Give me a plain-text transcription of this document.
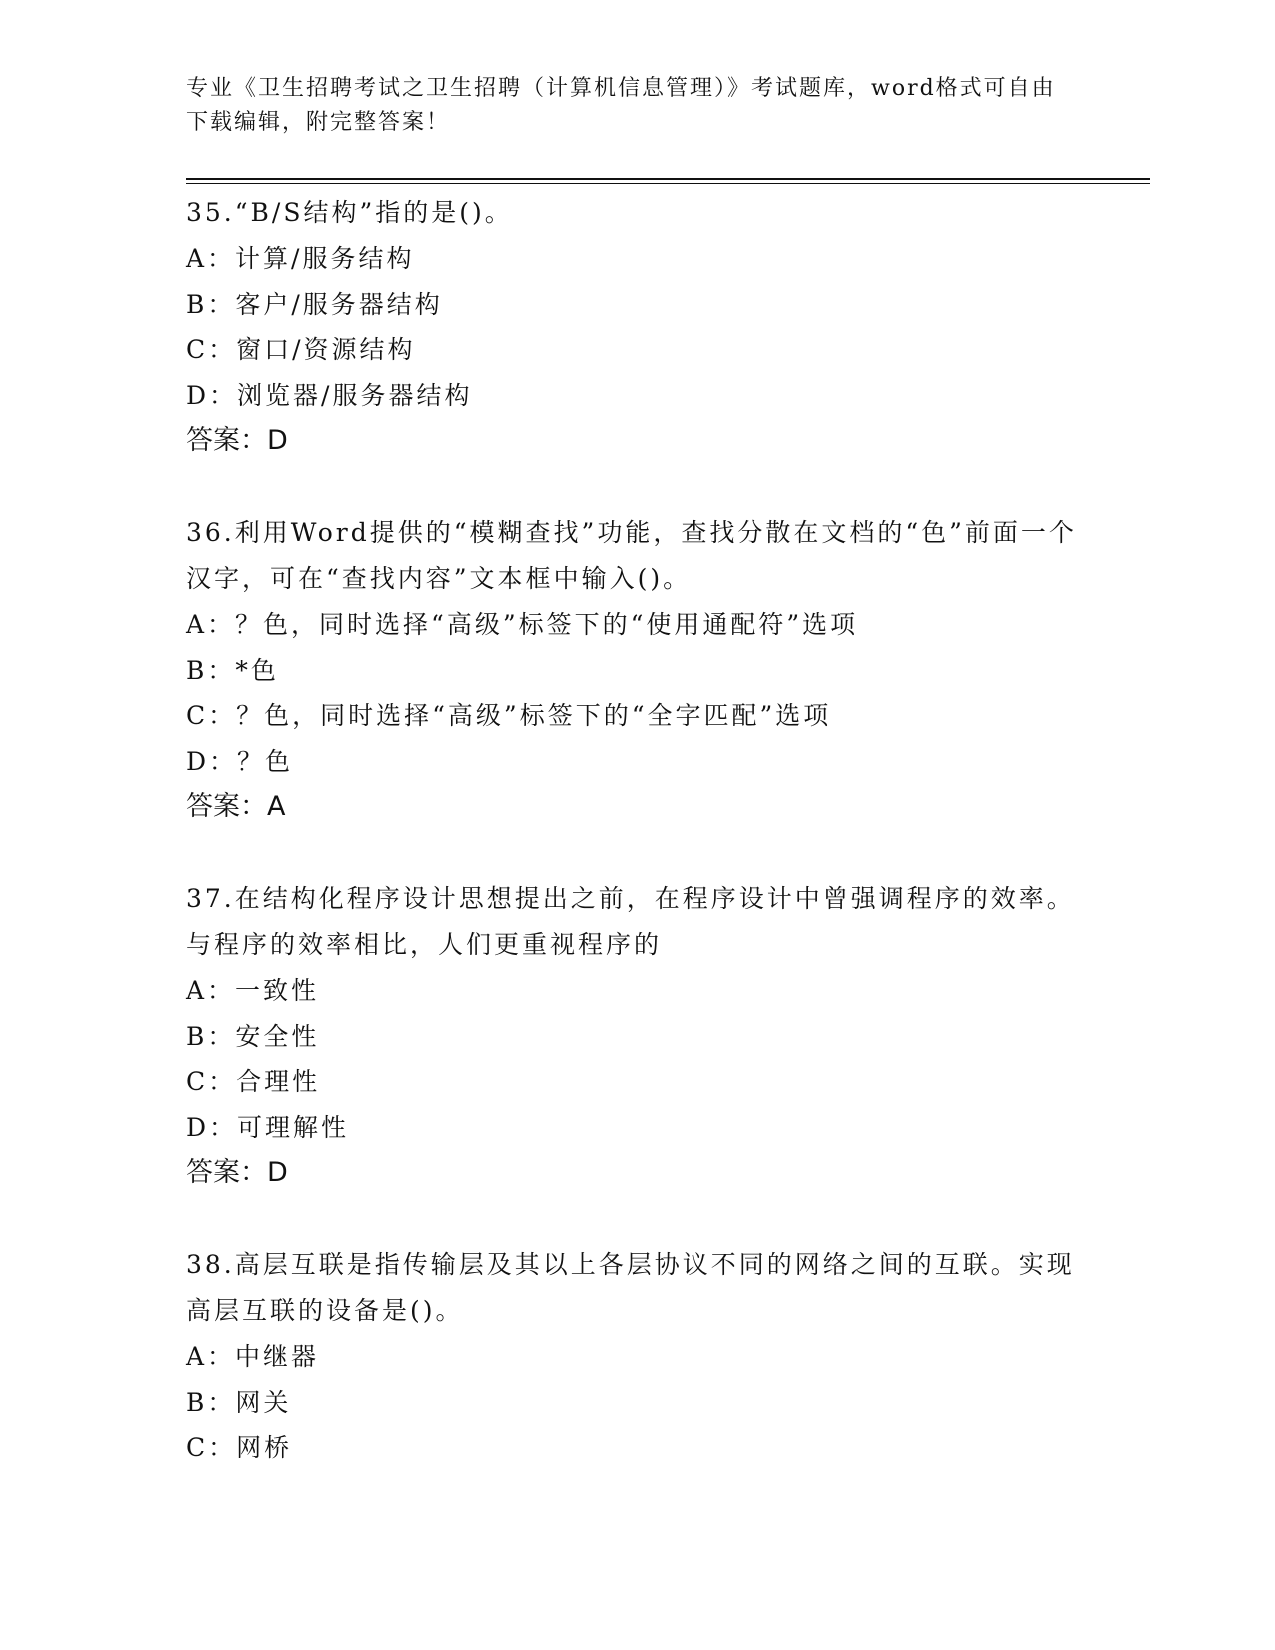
专业《卫生招聘考试之卫生招聘（计算机信息管理）》考试题库，word格式可自由下载编辑，附完整答案！

35.“B/S结构”指的是()。

A：计算/服务结构

B：客户/服务器结构

C：窗口/资源结构

D：浏览器/服务器结构

答案：D

36.利用Word提供的“模糊查找”功能，查找分散在文档的“色”前面一个汉字，可在“查找内容”文本框中输入()。

A：？色，同时选择“高级”标签下的“使用通配符”选项

B：*色

C：？色，同时选择“高级”标签下的“全字匹配”选项

D：？色

答案：A

37.在结构化程序设计思想提出之前，在程序设计中曾强调程序的效率。与程序的效率相比，人们更重视程序的

A：一致性

B：安全性

C：合理性

D：可理解性

答案：D

38.高层互联是指传输层及其以上各层协议不同的网络之间的互联。实现高层互联的设备是()。

A：中继器

B：网关

C：网桥
